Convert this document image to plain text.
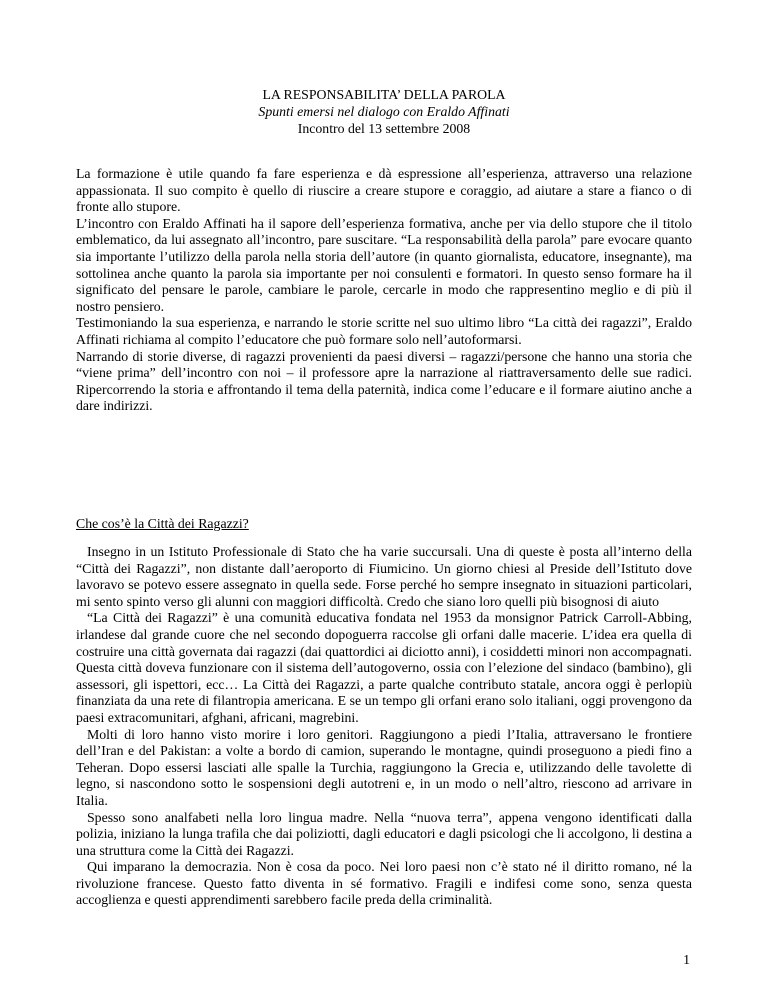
LA RESPONSABILITA’ DELLA PAROLA
Spunti emersi nel dialogo con Eraldo Affinati
Incontro del 13 settembre 2008

La formazione è utile quando fa fare esperienza e dà espressione all’esperienza, attraverso una relazione appassionata. Il suo compito è quello di riuscire a creare stupore e coraggio, ad aiutare a stare a fianco o di fronte allo stupore.

L’incontro con Eraldo Affinati ha il sapore dell’esperienza formativa, anche per via dello stupore che il titolo emblematico, da lui assegnato all’incontro, pare suscitare. “La responsabilità della parola” pare evocare quanto sia importante l’utilizzo della parola nella storia dell’autore (in quanto giornalista, educatore, insegnante), ma sottolinea anche quanto la parola sia importante per noi consulenti e formatori. In questo senso formare ha il significato del pensare le parole, cambiare le parole, cercarle in modo che rappresentino meglio e di più il nostro pensiero.

Testimoniando la sua esperienza, e narrando le storie scritte nel suo ultimo libro “La città dei ragazzi”, Eraldo Affinati richiama al compito l’educatore che può formare solo nell’autoformarsi.

Narrando di storie diverse, di ragazzi provenienti da paesi diversi – ragazzi/persone che hanno una storia che “viene prima” dell’incontro con noi – il professore apre la narrazione al riattraversamento delle sue radici. Ripercorrendo la storia e affrontando il tema della paternità, indica come l’educare e il formare aiutino anche a dare indirizzi.

Che cos’è la Città dei Ragazzi?

Insegno in un Istituto Professionale di Stato che ha varie succursali. Una di queste è posta all’interno della “Città dei Ragazzi”, non distante dall’aeroporto di Fiumicino. Un giorno chiesi al Preside dell’Istituto dove lavoravo se potevo essere assegnato in quella sede. Forse perché ho sempre insegnato in situazioni particolari, mi sento spinto verso gli alunni con maggiori difficoltà. Credo che siano loro quelli più bisognosi di aiuto

“La Città dei Ragazzi” è una comunità educativa fondata nel 1953 da monsignor Patrick Carroll-Abbing, irlandese dal grande cuore che nel secondo dopoguerra raccolse gli orfani dalle macerie. L’idea era quella di costruire una città governata dai ragazzi (dai quattordici ai diciotto anni), i cosiddetti minori non accompagnati. Questa città doveva funzionare con il sistema dell’autogoverno, ossia con l’elezione del sindaco (bambino), gli assessori, gli ispettori, ecc… La Città dei Ragazzi, a parte qualche contributo statale, ancora oggi è perlopiù finanziata da una rete di filantropia americana. E se un tempo gli orfani erano solo italiani, oggi provengono da paesi extracomunitari, afghani, africani, magrebini.

Molti di loro hanno visto morire i loro genitori. Raggiungono a piedi l’Italia, attraversano le frontiere dell’Iran e del Pakistan: a volte a bordo di camion, superando le montagne, quindi proseguono a piedi fino a Teheran. Dopo essersi lasciati alle spalle la Turchia, raggiungono la Grecia e, utilizzando delle tavolette di legno, si nascondono sotto le sospensioni degli autotreni e, in un modo o nell’altro, riescono ad arrivare in Italia.

Spesso sono analfabeti nella loro lingua madre. Nella “nuova terra”, appena vengono identificati dalla polizia, iniziano la lunga trafila che dai poliziotti, dagli educatori e dagli psicologi che li accolgono, li destina a una struttura come la Città dei Ragazzi.

Qui imparano la democrazia. Non è cosa da poco. Nei loro paesi non c’è stato né il diritto romano, né la rivoluzione francese. Questo fatto diventa in sé formativo. Fragili e indifesi come sono, senza questa accoglienza e questi apprendimenti sarebbero facile preda della criminalità.

1
